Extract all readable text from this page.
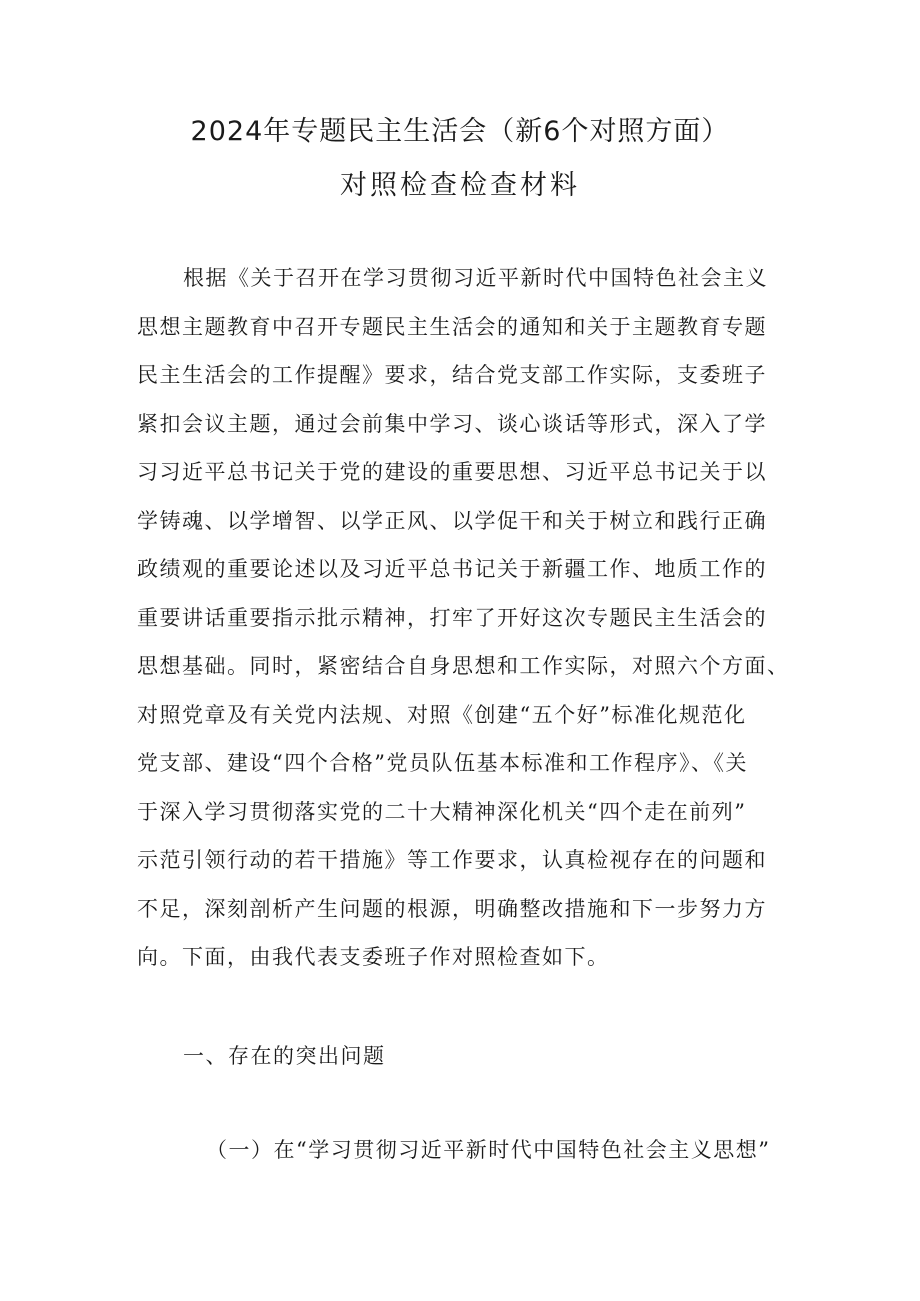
2024年专题民主生活会（新6个对照方面）
对照检查检查材料
根据《关于召开在学习贯彻习近平新时代中国特色社会主义
思想主题教育中召开专题民主生活会的通知和关于主题教育专题
民主生活会的工作提醒》要求，结合党支部工作实际，支委班子
紧扣会议主题，通过会前集中学习、谈心谈话等形式，深入了学
习习近平总书记关于党的建设的重要思想、习近平总书记关于以
学铸魂、以学增智、以学正风、以学促干和关于树立和践行正确
政绩观的重要论述以及习近平总书记关于新疆工作、地质工作的
重要讲话重要指示批示精神，打牢了开好这次专题民主生活会的
思想基础。同时，紧密结合自身思想和工作实际，对照六个方面、
对照党章及有关党内法规、对照《创建“五个好”标准化规范化
党支部、建设“四个合格”党员队伍基本标准和工作程序》、《关
于深入学习贯彻落实党的二十大精神深化机关“四个走在前列”
示范引领行动的若干措施》等工作要求，认真检视存在的问题和
不足，深刻剖析产生问题的根源，明确整改措施和下一步努力方
向。下面，由我代表支委班子作对照检查如下。
一、存在的突出问题
（一）在“学习贯彻习近平新时代中国特色社会主义思想”
